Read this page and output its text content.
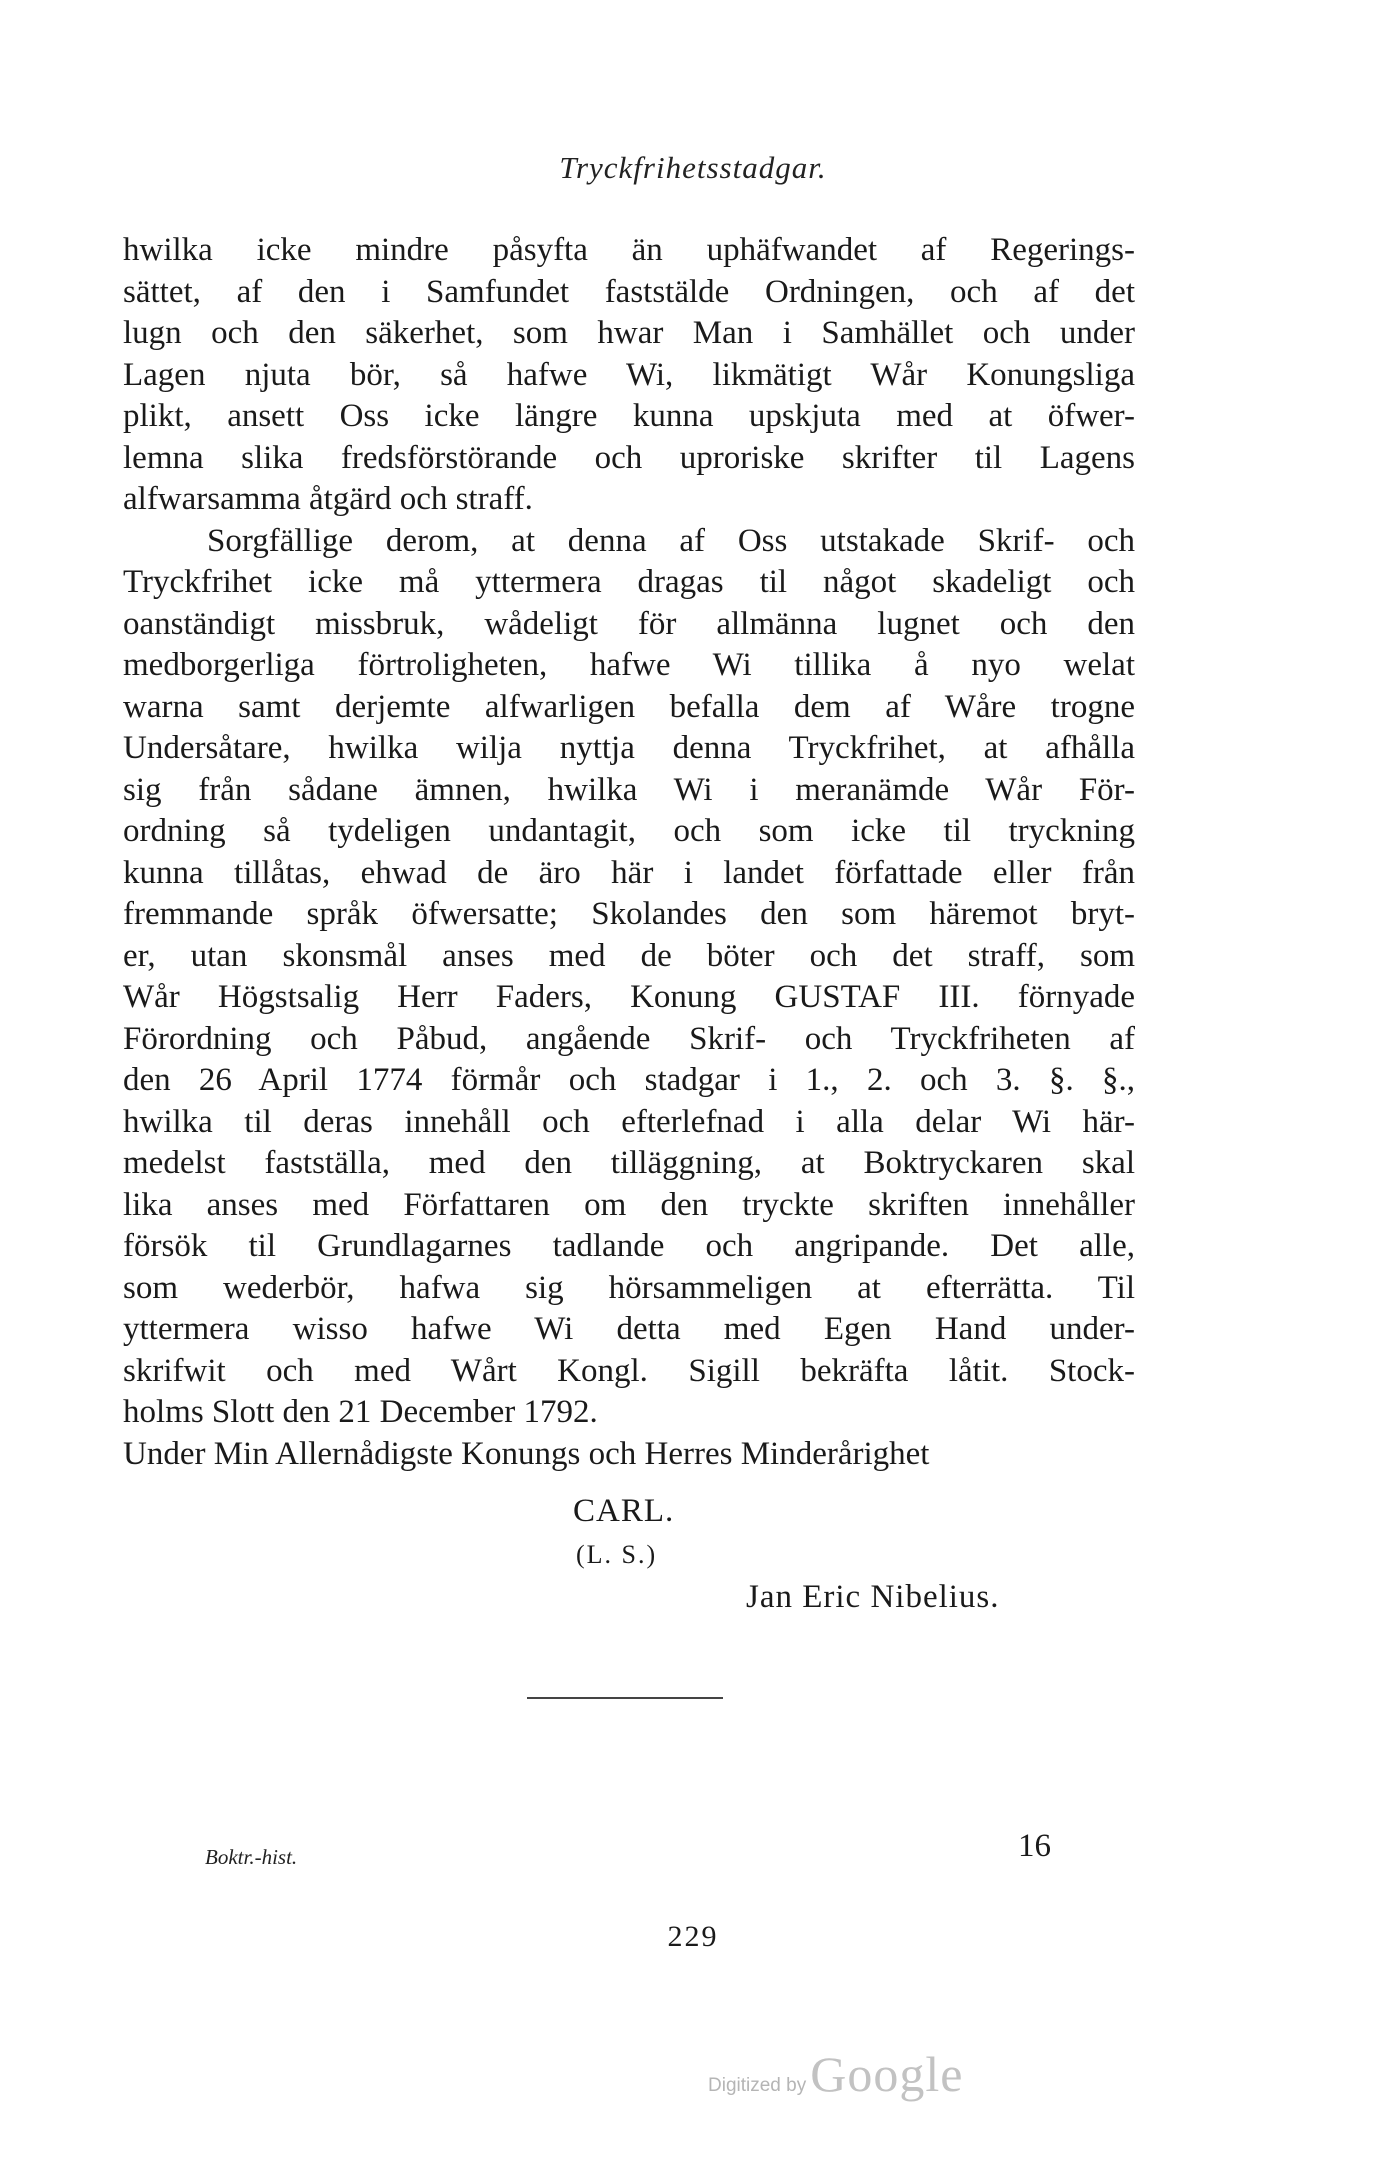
Tryckfrihetsstadgar.
hwilka icke mindre påsyfta än uphäfwandet af Regerings-
sättet, af den i Samfundet faststälde Ordningen, och af det
lugn och den säkerhet, som hwar Man i Samhället och under
Lagen njuta bör, så hafwe Wi, likmätigt Wår Konungsliga
plikt, ansett Oss icke längre kunna upskjuta med at öfwer-
lemna slika fredsförstörande och uproriske skrifter til Lagens
alfwarsamma åtgärd och straff.
Sorgfällige derom, at denna af Oss utstakade Skrif- och
Tryckfrihet icke må yttermera dragas til något skadeligt och
oanständigt missbruk, wådeligt för allmänna lugnet och den
medborgerliga förtroligheten, hafwe Wi tillika å nyo welat
warna samt derjemte alfwarligen befalla dem af Wåre trogne
Undersåtare, hwilka wilja nyttja denna Tryckfrihet, at afhålla
sig från sådane ämnen, hwilka Wi i meranämde Wår För-
ordning så tydeligen undantagit, och som icke til tryckning
kunna tillåtas, ehwad de äro här i landet författade eller från
fremmande språk öfwersatte; Skolandes den som häremot bryt-
er, utan skonsmål anses med de böter och det straff, som
Wår Högstsalig Herr Faders, Konung GUSTAF III. förnyade
Förordning och Påbud, angående Skrif- och Tryckfriheten af
den 26 April 1774 förmår och stadgar i 1., 2. och 3. §. §.,
hwilka til deras innehåll och efterlefnad i alla delar Wi här-
medelst fastställa, med den tilläggning, at Boktryckaren skal
lika anses med Författaren om den tryckte skriften innehåller
försök til Grundlagarnes tadlande och angripande. Det alle,
som wederbör, hafwa sig hörsammeligen at efterrätta. Til
yttermera wisso hafwe Wi detta med Egen Hand under-
skrifwit och med Wårt Kongl. Sigill bekräfta låtit. Stock-
holms Slott den 21 December 1792.
Under Min Allernådigste Konungs och Herres Minderårighet
CARL.
(L. S.)
Jan Eric Nibelius.
Boktr.-hist.	16
229
Digitized by Google
